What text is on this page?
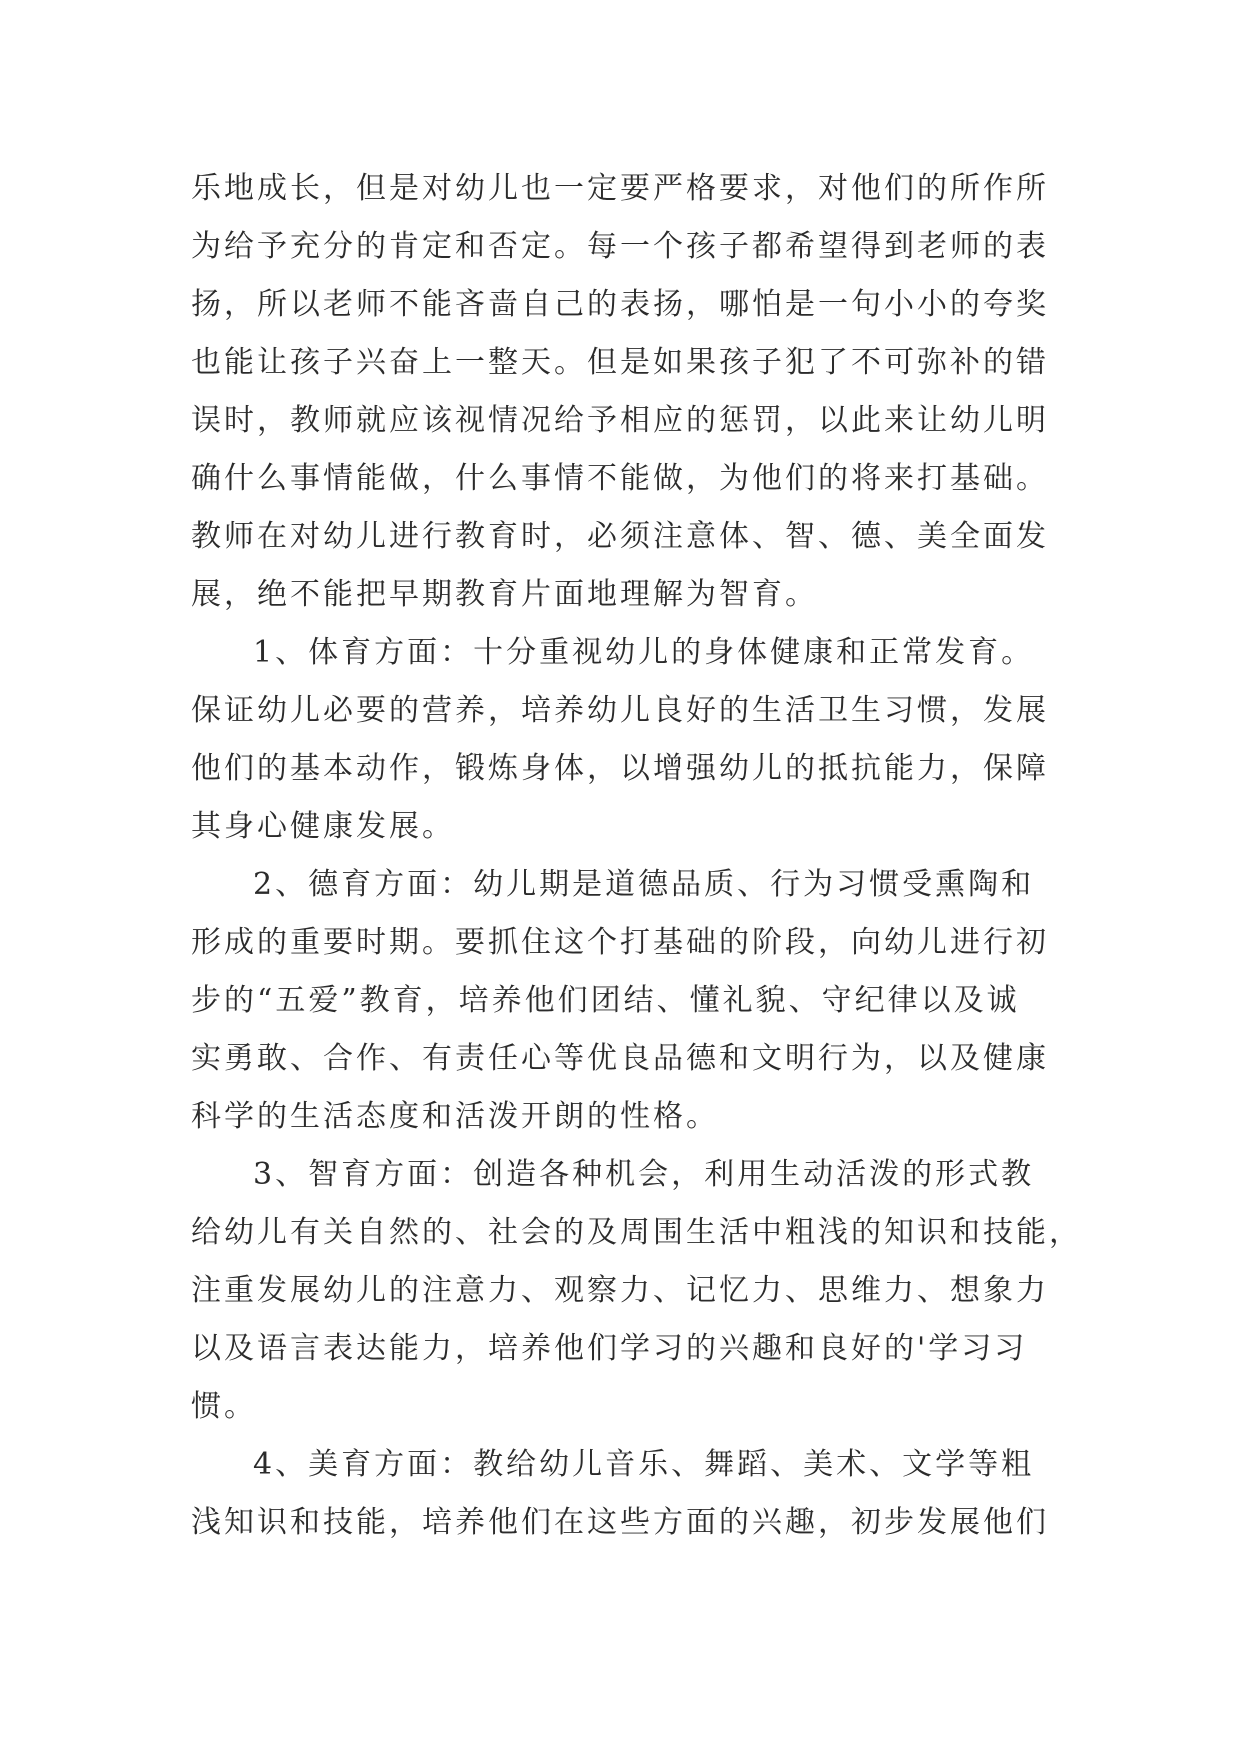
乐地成长，但是对幼儿也一定要严格要求，对他们的所作所
为给予充分的肯定和否定。每一个孩子都希望得到老师的表
扬，所以老师不能吝啬自己的表扬，哪怕是一句小小的夸奖
也能让孩子兴奋上一整天。但是如果孩子犯了不可弥补的错
误时，教师就应该视情况给予相应的惩罚，以此来让幼儿明
确什么事情能做，什么事情不能做，为他们的将来打基础。
教师在对幼儿进行教育时，必须注意体、智、德、美全面发
展，绝不能把早期教育片面地理解为智育。
1、体育方面：十分重视幼儿的身体健康和正常发育。
保证幼儿必要的营养，培养幼儿良好的生活卫生习惯，发展
他们的基本动作，锻炼身体，以增强幼儿的抵抗能力，保障
其身心健康发展。
2、德育方面：幼儿期是道德品质、行为习惯受熏陶和
形成的重要时期。要抓住这个打基础的阶段，向幼儿进行初
步的“五爱”教育，培养他们团结、懂礼貌、守纪律以及诚
实勇敢、合作、有责任心等优良品德和文明行为，以及健康
科学的生活态度和活泼开朗的性格。
3、智育方面：创造各种机会，利用生动活泼的形式教
给幼儿有关自然的、社会的及周围生活中粗浅的知识和技能，
注重发展幼儿的注意力、观察力、记忆力、思维力、想象力
以及语言表达能力，培养他们学习的兴趣和良好的'学习习
惯。
4、美育方面：教给幼儿音乐、舞蹈、美术、文学等粗
浅知识和技能，培养他们在这些方面的兴趣，初步发展他们
